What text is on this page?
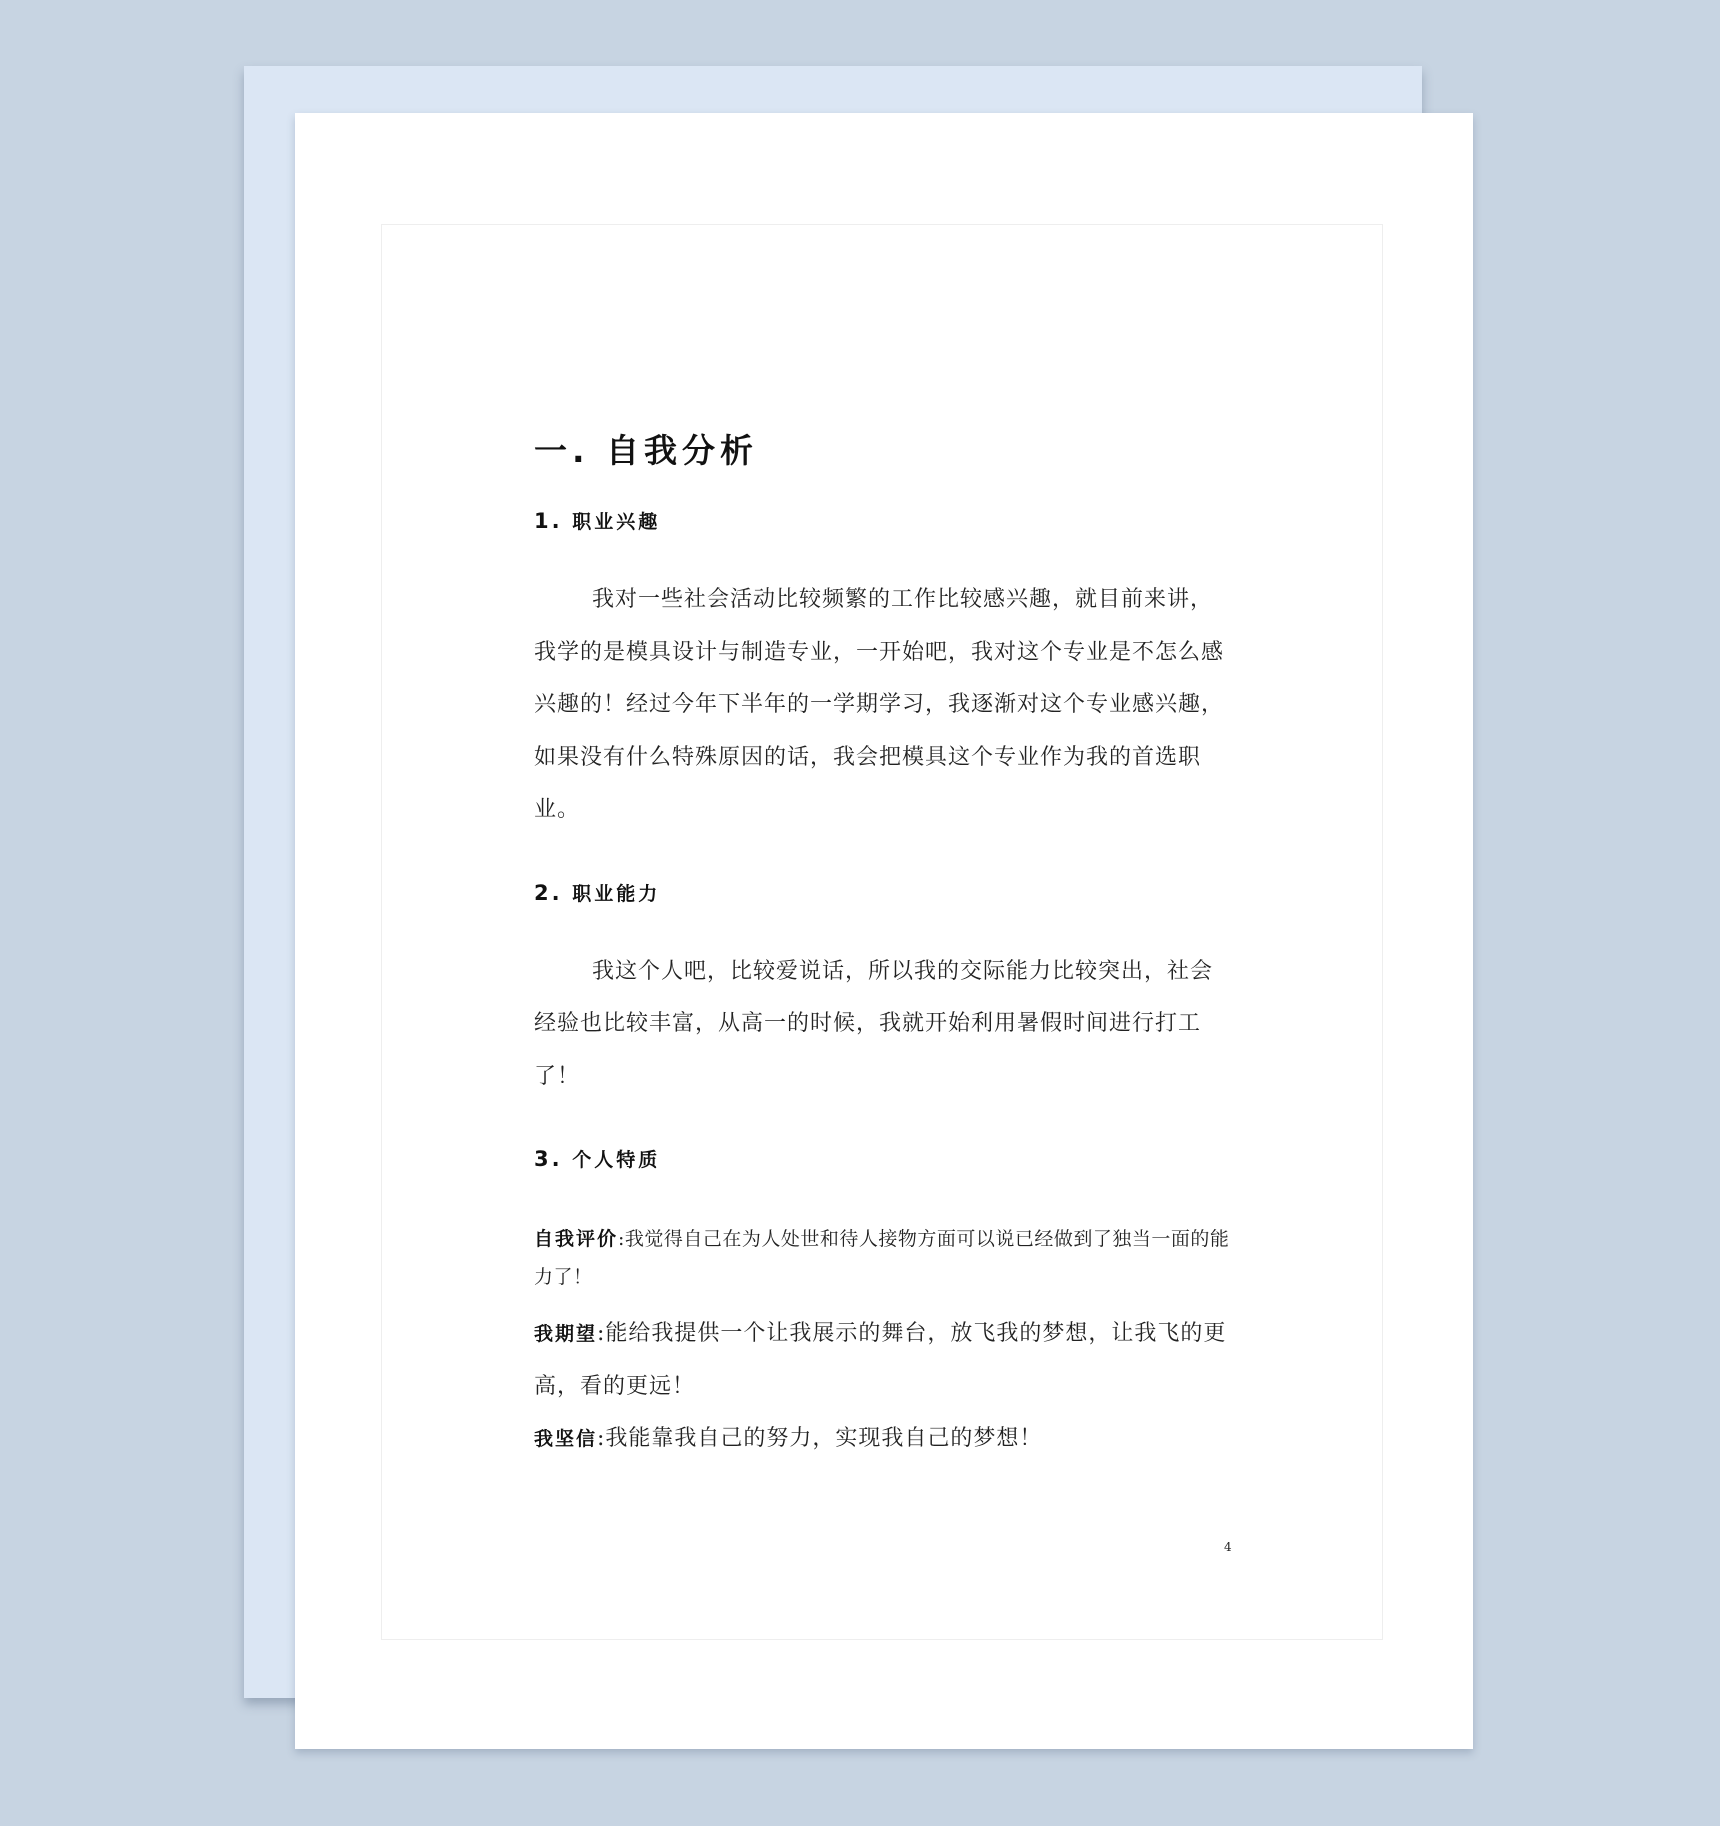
一. 自我分析
1. 职业兴趣

我对一些社会活动比较频繁的工作比较感兴趣，就目前来讲，我学的是模具设计与制造专业，一开始吧，我对这个专业是不怎么感兴趣的！经过今年下半年的一学期学习，我逐渐对这个专业感兴趣，如果没有什么特殊原因的话，我会把模具这个专业作为我的首选职业。

2. 职业能力

我这个人吧，比较爱说话，所以我的交际能力比较突出，社会经验也比较丰富，从高一的时候，我就开始利用暑假时间进行打工了！

3. 个人特质
自我评价:我觉得自己在为人处世和待人接物方面可以说已经做到了独当一面的能力了！

我期望:能给我提供一个让我展示的舞台，放飞我的梦想，让我飞的更高，看的更远！

我坚信:我能靠我自己的努力，实现我自己的梦想！

4
